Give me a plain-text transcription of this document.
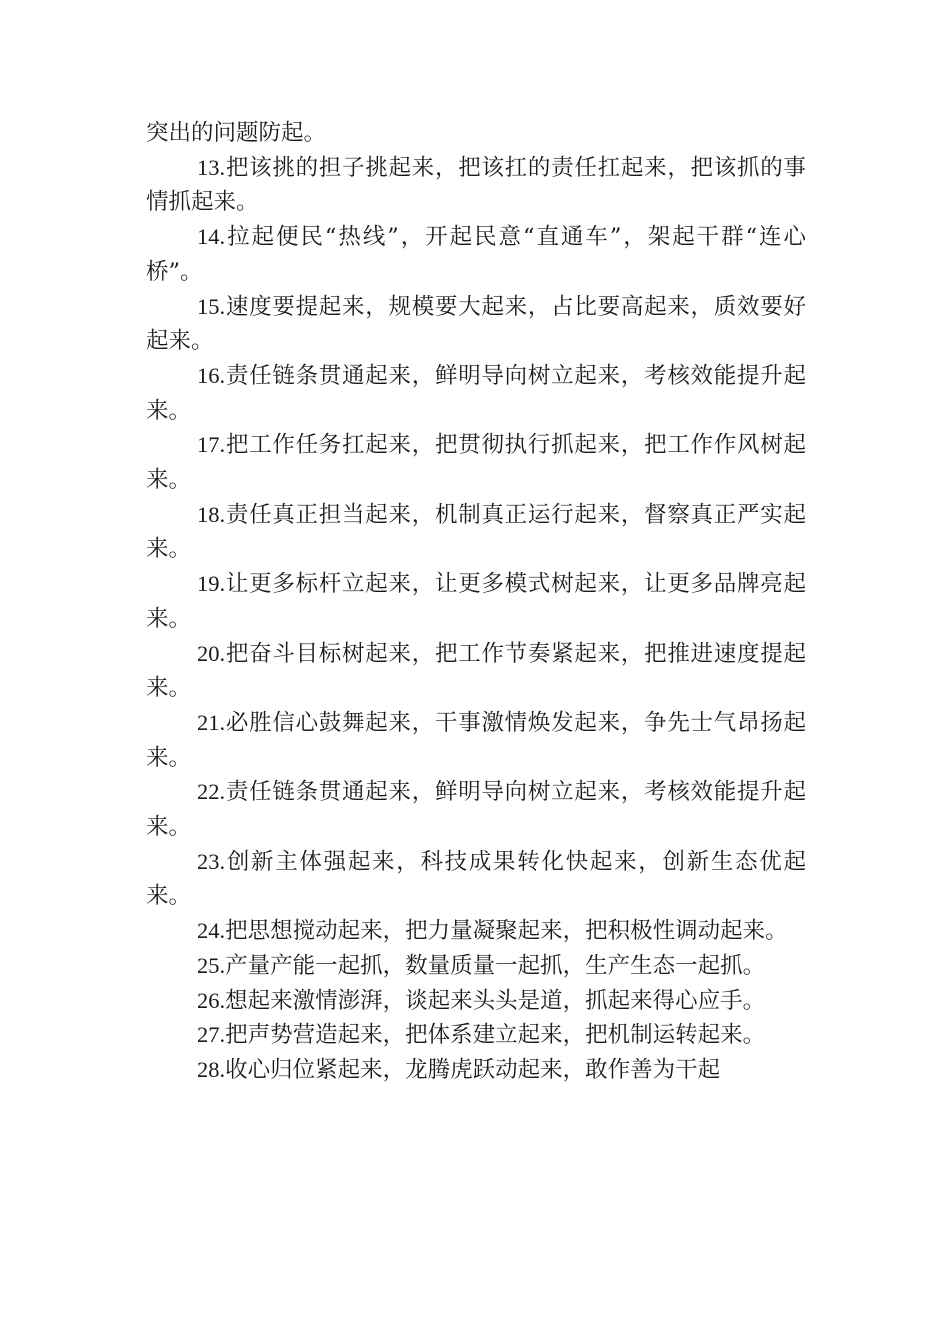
突出的问题防起。

13.把该挑的担子挑起来，把该扛的责任扛起来，把该抓的事情抓起来。

14.拉起便民“热线”，开起民意“直通车”，架起干群“连心桥”。

15.速度要提起来，规模要大起来，占比要高起来，质效要好起来。

16.责任链条贯通起来，鲜明导向树立起来，考核效能提升起来。

17.把工作任务扛起来，把贯彻执行抓起来，把工作作风树起来。

18.责任真正担当起来，机制真正运行起来，督察真正严实起来。

19.让更多标杆立起来，让更多模式树起来，让更多品牌亮起来。

20.把奋斗目标树起来，把工作节奏紧起来，把推进速度提起来。

21.必胜信心鼓舞起来，干事激情焕发起来，争先士气昂扬起来。

22.责任链条贯通起来，鲜明导向树立起来，考核效能提升起来。

23.创新主体强起来，科技成果转化快起来，创新生态优起来。

24.把思想搅动起来，把力量凝聚起来，把积极性调动起来。

25.产量产能一起抓，数量质量一起抓，生产生态一起抓。

26.想起来激情澎湃，谈起来头头是道，抓起来得心应手。

27.把声势营造起来，把体系建立起来，把机制运转起来。

28.收心归位紧起来，龙腾虎跃动起来，敢作善为干起
